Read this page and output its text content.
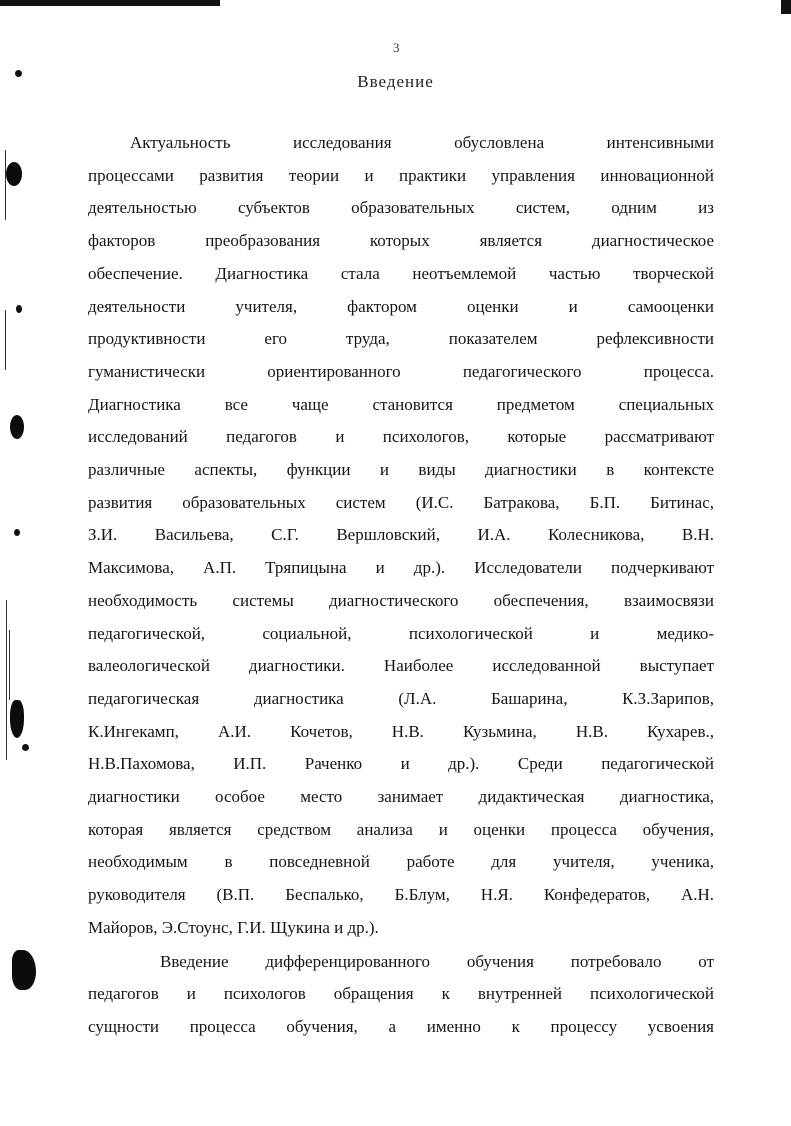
3
Введение
Актуальность исследования обусловлена интенсивными
процессами развития теории и практики управления инновационной
деятельностью субъектов образовательных систем, одним из
факторов преобразования которых является диагностическое
обеспечение. Диагностика стала неотъемлемой частью творческой
деятельности учителя, фактором оценки и самооценки
продуктивности его труда, показателем рефлексивности
гуманистически ориентированного педагогического процесса.
Диагностика все чаще становится предметом специальных
исследований педагогов и психологов, которые рассматривают
различные аспекты, функции и виды диагностики в контексте
развития образовательных систем (И.С. Батракова, Б.П. Битинас,
З.И. Васильева, С.Г. Вершловский, И.А. Колесникова, В.Н.
Максимова, А.П. Тряпицына и др.). Исследователи подчеркивают
необходимость системы диагностического обеспечения, взаимосвязи
педагогической, социальной, психологической и медико-
валеологической диагностики. Наиболее исследованной выступает
педагогическая диагностика (Л.А. Башарина, К.З.Зарипов,
К.Ингекамп, А.И. Кочетов, Н.В. Кузьмина, Н.В. Кухарев.,
Н.В.Пахомова, И.П. Раченко и др.). Среди педагогической
диагностики особое место занимает дидактическая диагностика,
которая является средством анализа и оценки процесса обучения,
необходимым в повседневной работе для учителя, ученика,
руководителя (В.П. Беспалько, Б.Блум, Н.Я. Конфедератов, А.Н.
Майоров, Э.Стоунс, Г.И. Щукина и др.).
Введение дифференцированного обучения потребовало от
педагогов и психологов обращения к внутренней психологической
сущности процесса обучения, а именно к процессу усвоения
